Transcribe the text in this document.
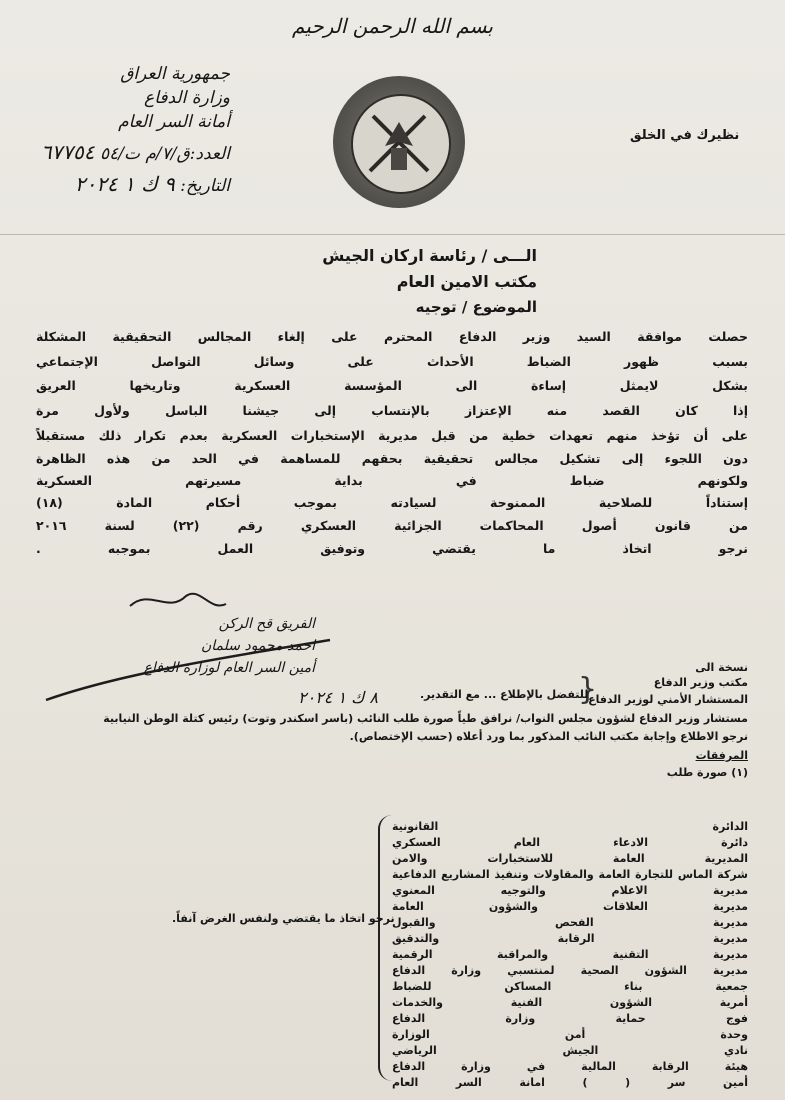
بسم الله الرحمن الرحيم
جمهورية العراق
وزارة الدفاع
أمانة السر العام
العدد:ق/٧/م ت/٥٤ ٦٧٧٥٤
التاريخ: ٩ ك ١ ٢٠٢٤
نظيرك في الخلق
الـــى / رئاسة اركان الجيش
مكتب الامين العام
الموضوع / توجيه
حصلت موافقة السيد وزير الدفاع المحترم على إلغاء المجالس التحقيقية المشكلة
بسبب ظهور الضباط الأحداث على وسائل التواصل الإجتماعي
بشكل لايمثل إساءة الى المؤسسة العسكرية وتاريخها العريق
إذا كان القصد منه الإعتزاز بالإنتساب إلى جيشنا الباسل ولأول مرة
على أن تؤخذ منهم تعهدات خطية من قبل مديرية الإستخبارات العسكرية بعدم تكرار ذلك مستقبلاً
دون اللجوء إلى تشكيل مجالس تحقيقية بحقهم للمساهمة في الحد من هذه الظاهرة
ولكونهم ضباط في بداية مسيرتهم العسكرية
إستناداً للصلاحية الممنوحة لسيادته بموجب أحكام المادة (١٨)
من قانون أصول المحاكمات الجزائية العسكري رقم (٢٢) لسنة ٢٠١٦
نرجو اتخاذ ما يقتضي وتوفيق العمل بموجبه .
الفريق قح الركن
احمد محمود سلمان
أمين السر العام لوزارة الدفاع
٨ ك ١ ٢٠٢٤
نسخة الى
مكتب وزير الدفاع
المستشار الأمني لوزير الدفاع
}
للتفضل بالإطلاع ... مع التقدير.
مستشار وزير الدفاع لشؤون مجلس النواب/ نرافق طياً صورة طلب النائب (باسر اسكندر وتوت) رئيس كتلة الوطن النيابية
نرجو الاطلاع وإجابة مكتب النائب المذكور بما ورد أعلاه (حسب الإختصاص).
المرفقات
(١) صورة طلب
الدائرة القانونية
دائرة الادعاء العام العسكري
المديرية العامة للاستخبارات والامن
شركة الماس للتجارة العامة والمقاولات وتنفيذ المشاريع الدفاعية
مديرية الاعلام والتوجيه المعنوي
مديرية العلاقات والشؤون العامة
مديرية الفحص والقبول
مديرية الرقابة والتدقيق
مديرية التقنية والمراقبة الرقمية
مديرية الشؤون الصحية لمنتسبي وزارة الدفاع
جمعية بناء المساكن للضباط
أمرية الشؤون الفنية والخدمات
فوج حماية وزارة الدفاع
وحدة أمن الوزارة
نادي الجيش الرياضي
هيئة الرقابة المالية في وزارة الدفاع
أمين سر ( ) امانة السر العام
نرجو اتخاذ ما يقتضي ولنفس الغرض آنفاً.
